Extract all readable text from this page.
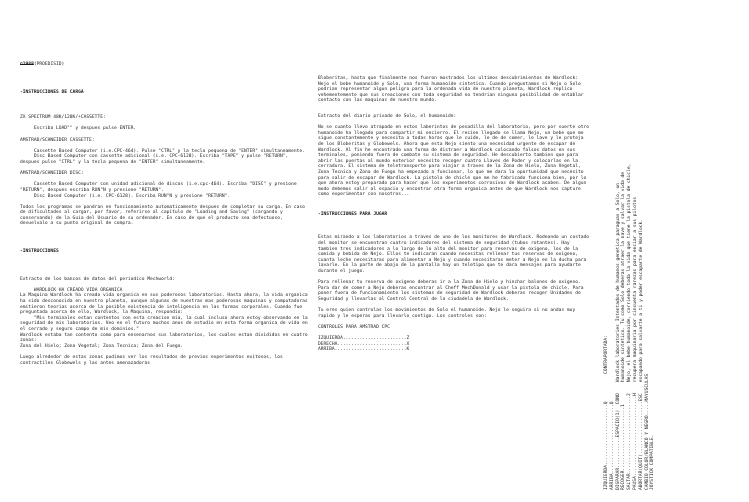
©1988(PROEDISID)

-INSTRUCCIONES DE CARGA

ZX SPECTRUM 48K/128K/+CASSETTE:

Escriba LOAD"" y despues pulse ENTER.

AMSTRAD/SCHNEIDER CASSETTE:

Cassette Based Computer (i.e.CPC-464). Pulse "CTRL" y la tecla pequena de "ENTER" simultaneamente.

Disc Based Computer con cassette adicional (i.e. CPC-6128). Escriba "TAPE" y pulse "RETURN", despues pulse "CTRL" y la tecla pequena de "ENTER" simultaneamente.

AMSTRAD/SCHNEIDER DISC:

Cassette Based Computer con unidad adicional de discos (i.e.cpc-464). Escriba "DISC" y presione "RETURN", despues escriba RUN"N y presione "RETURN".

Disc Based Computer (i.e. CPC-6128). Escriba RUN"N y presione "RETURN".

Todos los programas se pondran en funcionamiento automaticamente despues de completar su carga. En caso de dificultades al cargar, por favor, referirse al capitulo de "Loading and Saving" (cargando y conservando) de la Guia del Usuario de su ordenador. En caso de que el producto sea defectuoso, devuelvalo a su punto original de compra.

-INSTRUCCIONES

Extracto de los bancos de datos del periodico Mechworld:

WARDLOCK HA CREADO VIDA ORGANICA

La Maquina Wardlock ha creado vida organica en sus poderosos laboratorios. Hasta ahora, la vida organica ha sido desconocida en nuestro planeta, aunque algunas de nuestras mas poderosas maquinas y computadoras emitieron teorias acerca de la posible existencia de inteligencia en las formas corporales. Cuando fue preguntada acerca de ello, Wardlock, la Maquina, respondio:

"Mis terminales estan contentos con esta creacion mia, la cual incluso ahora estoy observando en la seguridad de mis laboratorios. Veo en el futuro muchos anos de estudio en esta forma organica de vida en el cerrado y seguro campo de mis dominios."

Wardlock estaba tan contento como para ensenarnos sus laboratorios, los cuales estan divididos en cuatro zonas:

Zona del Hielo; Zona Vegetal; Zona Tecnica; Zona del Fuego.

Luego alrededor de estas zonas pudimos ver los resultados de previos experimentos exitosos, los contractiles Globewels y las antes amenazadoras

Bloberitas, hasta que finalmente nos fueron mostrados los ultimos descubrimientos de Wardlock: Nejo el bebe humanoide y Solo, una forma humanoide sintetica. Cuando preguntamos si Nejo o Solo podrian representar algun peligro para la ordenada vida de nuestro planeta, Wardlock replico vehementemente que sus creaciones con toda seguridad no tendrian ninguna posibilidad de entablar contacto con las maquinas de nuestro mundo.

Extracto del diario privado de Solo, el humanoide:

No se cuanto llevo atrapado en estos laberintos de pesadilla del laboratorio, pero por suerte otro humanoide ha llegado para compartir mi encierro. El recien llegado se llama Nejo, un bebe que me sigue constantemente y necesita a todas horas que le cuide, le de de comer, le lave y le proteja de los Bloberitas y Globewels. Ahora que esta Nejo siento una necesidad urgente de escapar de Wardlock. Al fin he encontrado una forma de distraer a Wardlock colocando falsos datos en sus terminales, poniendo fuera de combate su sistema de seguridad. He descubierto tambien que para abrir las puertas al mundo exterior necesito recoger cuatro Llaves de Poder y colocarlas en la cerradura. El sistema de teletransporte para viajar a traves de la Zona de Hielo, Zona Vegetal, Zona Tecnica y Zona de Fuego ha empezado a funcionar, lo que me dara la oportunidad que necesito para salir de escapar de Wardlock. La pistola de chicle que me he fabricado funciona bien, por lo que ahora estoy preparado para hacer que los experimentos corrosivos de Wardlock acaben. De algun modo debemos salir al espacio y encontrar otra forma organica antes de que Wardlock nos capture como experimentar con nosotros...

-INSTRUCCIONES PARA JUGAR

Estas mirando a los laboratorios a traves de uno de los monitores de Wardlock. Rodeando un costado del monitor se encuentran cuatro indicadores del sistema de seguridad (tubos rotantes). Hay tambien tres indicadores a lo largo de lo alto del monitor para reservas de oxigeno, los de la comida y bebida de Nejo. Ellos te indicaran cuando necesitas rellenar tus reservas de oxigeno, cuanta leche necesitaras para alimentar a Nejo y cuando necesitaras meter a Nejo en la ducha para lavarle. En la parte de abajo de la pantalla hay un teletipo que te dara mensajes para ayudarte durante el juego.

Para rellenar tu reserva de oxigeno deberas ir a la Zona de Hielo y hinchar balones de oxigeno.

Para dar de comer a Nejo deberas encontrar al Cheff MechDonald y usar la pistola de chicle. Para poner fuera de funcionamiento los sistemas de seguridad de Wardlock deberas recoger Unidades de Seguridad y llevarlas al Control Central de la ciudadela de Wardlock.

Tu eres quien controlas los movimientos de Solo el humanoide. Nejo le seguira si no andas muy rapido y le esperas para llevarlo contigo. Los controles son:

CONTROLES PARA AMSTRAD CPC

IZQUIERDA.......................Z

DERECHA.........................X

ARRIBA..........................K	IZQUIERDA......................Q          CONTRAPORTADA: ARRIBA.........................Q DISPARAR...........ESPACIO(1)  CONO    Wardlock laboratories Intentados de humanos genetica paraguas a Solo, un RECOGER.......................1        humanoide sintetico. Tu como Solo deberas atraer la nave y salvar la vida de SALTAR............................2    Nejo, el bebe humanoide, corriendo toda la vida que tiene la pistola de chicle, PAUSA.............................H    recupera maquinaria por cincuenta rarezas para enciar a sus pilotos ABORTAR(QUIT)...................ESC    escapando para salvarte a ti y poder escaparte de Wardlock. CAMBIO COLOR/BLANCO Y NEGRO.....MAYUSCULAS JOYSTICK COMPATIBLE.
